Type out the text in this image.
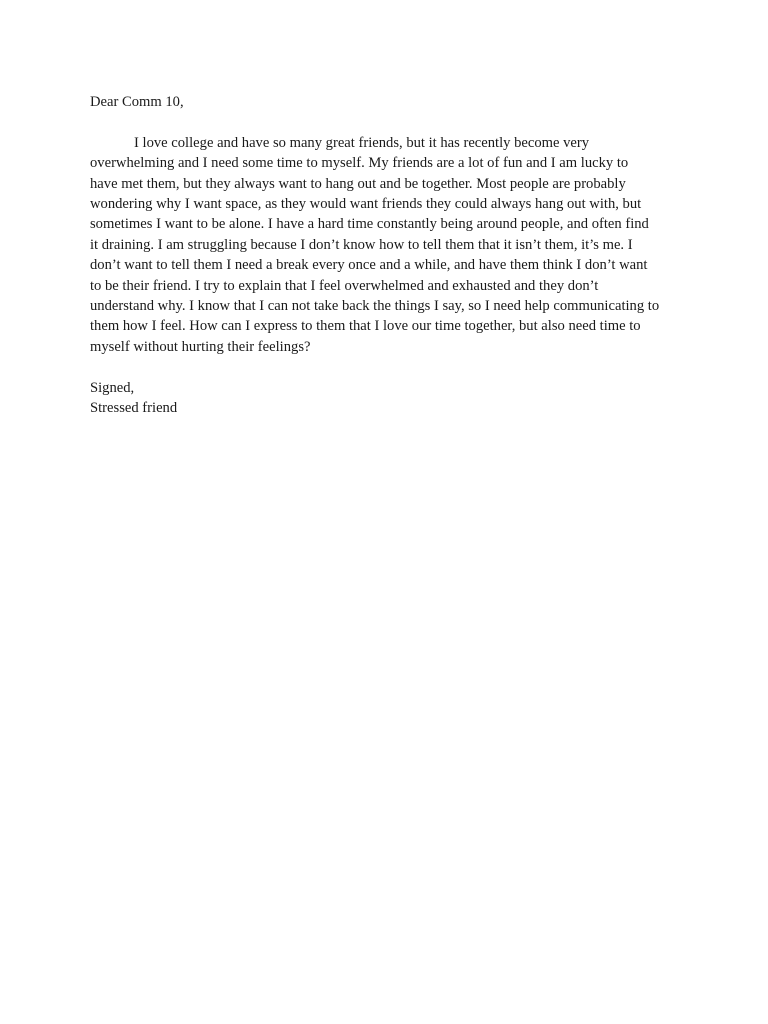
Dear Comm 10,
I love college and have so many great friends, but it has recently become very
overwhelming and I need some time to myself. My friends are a lot of fun and I am lucky to
have met them, but they always want to hang out and be together. Most people are probably
wondering why I want space, as they would want friends they could always hang out with, but
sometimes I want to be alone. I have a hard time constantly being around people, and often find
it draining. I am struggling because I don’t know how to tell them that it isn’t them, it’s me. I
don’t want to tell them I need a break every once and a while, and have them think I don’t want
to be their friend. I try to explain that I feel overwhelmed and exhausted and they don’t
understand why. I know that I can not take back the things I say, so I need help communicating to
them how I feel. How can I express to them that I love our time together, but also need time to
myself without hurting their feelings?
Signed,
Stressed friend
